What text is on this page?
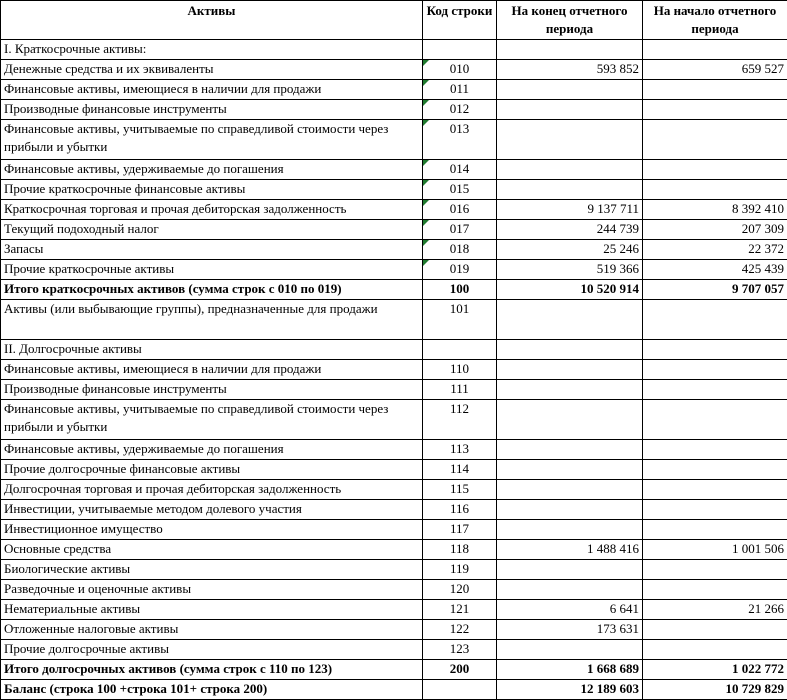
Активы	Код строки	На конец отчетного периода	На начало отчетного периода
I. Краткосрочные активы:			
Денежные средства и их эквиваленты	010	593 852	659 527
Финансовые активы, имеющиеся в наличии для продажи	011		
Производные финансовые инструменты	012		
Финансовые активы, учитываемые по справедливой стоимости через прибыли и убытки	013		
Финансовые активы, удерживаемые до погашения	014		
Прочие краткосрочные финансовые активы	015		
Краткосрочная торговая и прочая дебиторская задолженность	016	9 137 711	8 392 410
Текущий подоходный налог	017	244 739	207 309
Запасы	018	25 246	22 372
Прочие краткосрочные активы	019	519 366	425 439
Итого краткосрочных активов (сумма строк с 010 по 019)	100	10 520 914	9 707 057
Активы (или выбывающие группы), предназначенные для продажи	101		
II. Долгосрочные активы			
Финансовые активы, имеющиеся в наличии для продажи	110		
Производные финансовые инструменты	111		
Финансовые активы, учитываемые по справедливой стоимости через прибыли и убытки	112		
Финансовые активы, удерживаемые до погашения	113		
Прочие долгосрочные финансовые активы	114		
Долгосрочная торговая и прочая дебиторская задолженность	115		
Инвестиции, учитываемые методом долевого участия	116		
Инвестиционное имущество	117		
Основные средства	118	1 488 416	1 001 506
Биологические активы	119		
Разведочные и оценочные активы	120		
Нематериальные активы	121	6 641	21 266
Отложенные налоговые активы	122	173 631	
Прочие долгосрочные активы	123		
Итого долгосрочных активов (сумма строк с 110 по 123)	200	1 668 689	1 022 772
Баланс (строка 100 +строка 101+ строка 200)		12 189 603	10 729 829
